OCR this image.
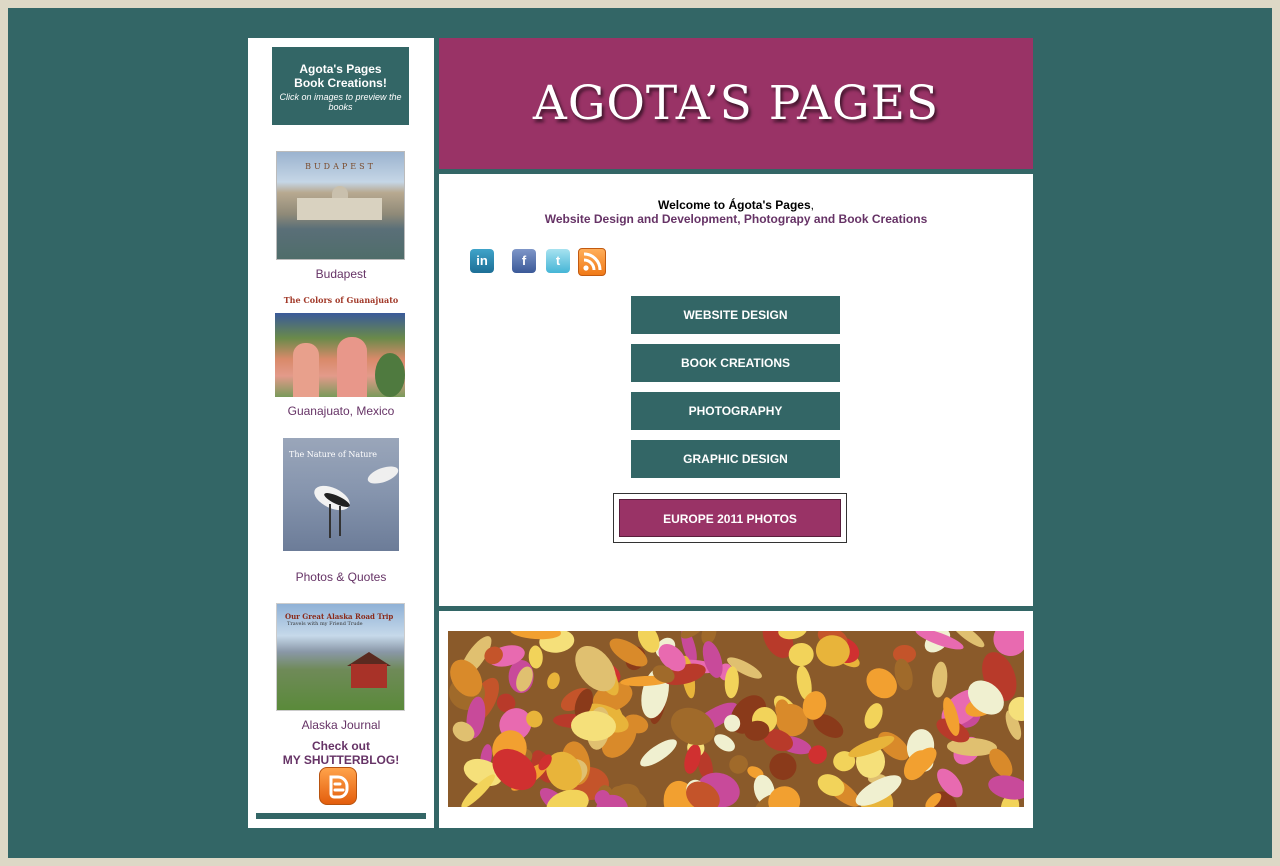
Agota's Pages
Book Creations!
Click on images to preview the books
BUDAPEST
Budapest
The Colors of Guanajuato
Guanajuato, Mexico
The Nature of Nature
Photos & Quotes
Our Great Alaska Road Trip
Travels with my Friend Trude
Alaska Journal
Check out
MY SHUTTERBLOG!
AGOTA’S PAGES
Welcome to Ágota's Pages,
Website Design and Development, Photograpy and Book Creations
in	f	t
WEBSITE DESIGN
BOOK CREATIONS
PHOTOGRAPHY
GRAPHIC DESIGN
EUROPE 2011 PHOTOS
